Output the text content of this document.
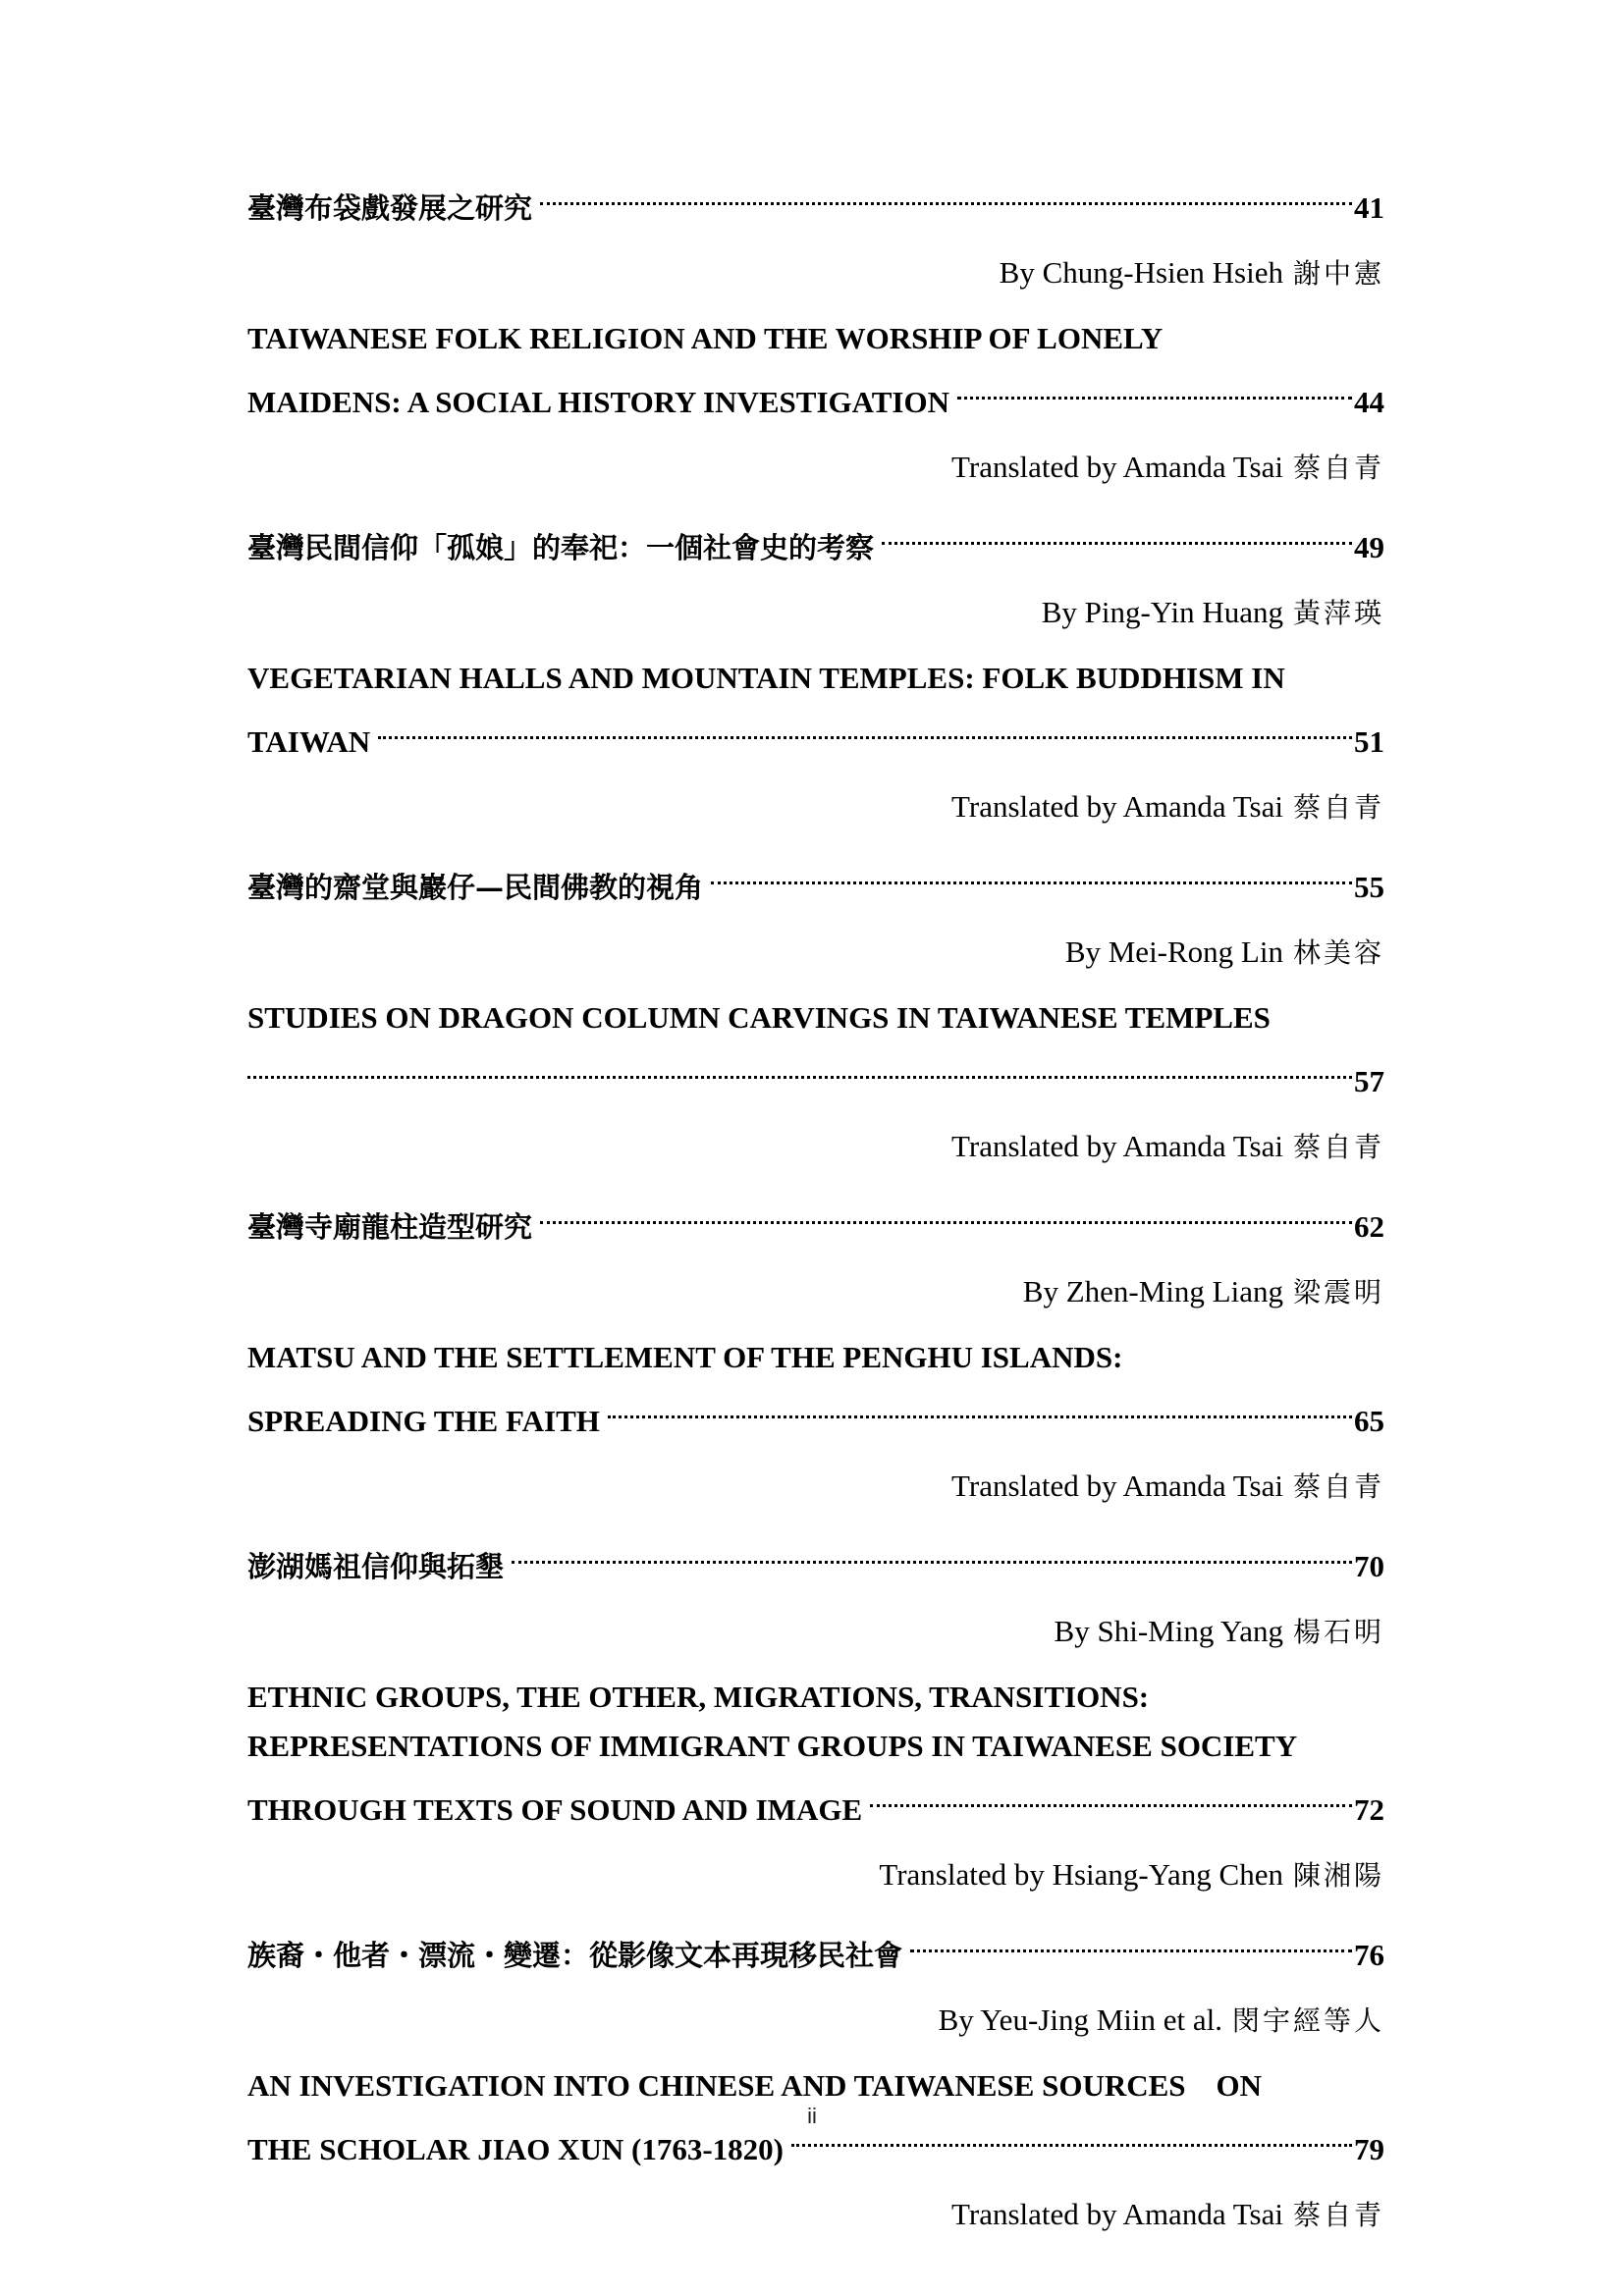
臺灣布袋戲發展之研究	41
By Chung-Hsien Hsieh 謝中憲
TAIWANESE FOLK RELIGION AND THE WORSHIP OF LONELY
MAIDENS: A SOCIAL HISTORY INVESTIGATION	44
Translated by Amanda Tsai 蔡自青
臺灣民間信仰「孤娘」的奉祀：一個社會史的考察	49
By Ping-Yin Huang 黃萍瑛
VEGETARIAN HALLS AND MOUNTAIN TEMPLES: FOLK BUDDHISM IN
TAIWAN	51
Translated by Amanda Tsai 蔡自青
臺灣的齋堂與巖仔—民間佛教的視角	55
By Mei-Rong Lin 林美容
STUDIES ON DRAGON COLUMN CARVINGS IN TAIWANESE TEMPLES
57
Translated by Amanda Tsai 蔡自青
臺灣寺廟龍柱造型研究	62
By Zhen-Ming Liang 梁震明
MATSU AND THE SETTLEMENT OF THE PENGHU ISLANDS:
SPREADING THE FAITH	65
Translated by Amanda Tsai 蔡自青
澎湖媽祖信仰與拓墾	70
By Shi-Ming Yang 楊石明
ETHNIC GROUPS, THE OTHER, MIGRATIONS, TRANSITIONS:
REPRESENTATIONS OF IMMIGRANT GROUPS IN TAIWANESE SOCIETY
THROUGH TEXTS OF SOUND AND IMAGE	72
Translated by Hsiang-Yang Chen 陳湘陽
族裔・他者・漂流・變遷：從影像文本再現移民社會	76
By Yeu-Jing Miin et al. 閔宇經等人
AN INVESTIGATION INTO CHINESE AND TAIWANESE SOURCES    ON
THE SCHOLAR JIAO XUN (1763-1820)	79
Translated by Amanda Tsai 蔡自青
ii
